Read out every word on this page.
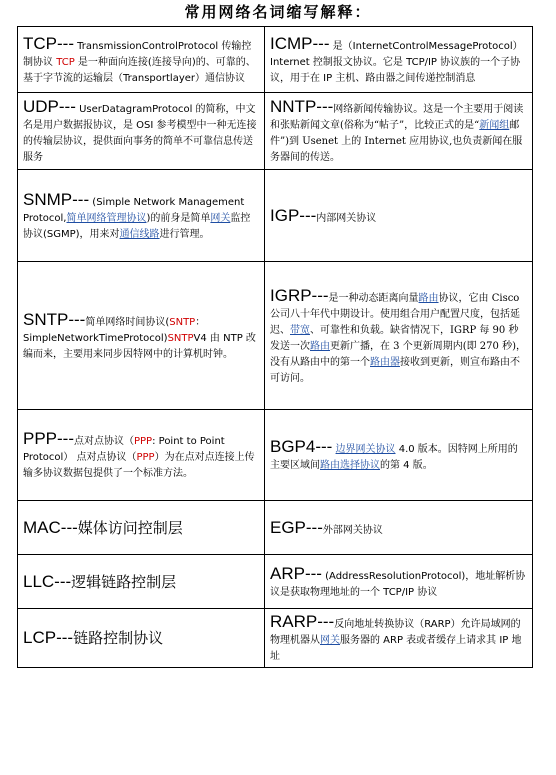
常用网络名词缩写解释：
TCP--- TransmissionControlProtocol 传输控制协议 TCP 是一种面向连接(连接导向)的、可靠的、基于字节流的运输层（Transportlayer）通信协议	ICMP--- 是（InternetControlMessageProtocol）Internet 控制报文协议。它是 TCP/IP 协议族的一个子协议，用于在 IP 主机、路由器之间传递控制消息

UDP--- UserDatagramProtocol 的简称，中文名是用户数据报协议，是 OSI 参考模型中一种无连接的传输层协议，提供面向事务的简单不可靠信息传送服务	NNTP---网络新闻传输协议。这是一个主要用于阅读和张贴新闻文章(俗称为“帖子”，比较正式的是“新闻组邮件”)到 Usenet 上的 Internet 应用协议,也负责新闻在服务器间的传送。

SNMP--- (Simple Network Management Protocol,简单网络管理协议)的前身是简单网关监控协议(SGMP)，用来对通信线路进行管理。	IGP---内部网关协议

SNTP---简单网络时间协议(SNTP：SimpleNetworkTimeProtocol)SNTPV4 由 NTP 改编而来，主要用来同步因特网中的计算机时钟。	IGRP---是一种动态距离向量路由协议，它由 Cisco 公司八十年代中期设计。使用组合用户配置尺度，包括延迟、带宽、可靠性和负载。缺省情况下，IGRP 每 90 秒发送一次路由更新广播，在 3 个更新周期内(即 270 秒)，没有从路由中的第一个路由器接收到更新，则宣布路由不可访问。

PPP---点对点协议（PPP: Point to Point Protocol） 点对点协议（PPP）为在点对点连接上传输多协议数据包提供了一个标准方法。	BGP4--- 边界网关协议 4.0 版本。因特网上所用的主要区域间路由选择协议的第 4 版。

MAC---媒体访问控制层	EGP---外部网关协议

LLC---逻辑链路控制层	ARP--- (AddressResolutionProtocol)，地址解析协议是获取物理地址的一个 TCP/IP 协议

LCP---链路控制协议	RARP---反向地址转换协议（RARP）允许局域网的物理机器从网关服务器的 ARP 表或者缓存上请求其 IP 地址
